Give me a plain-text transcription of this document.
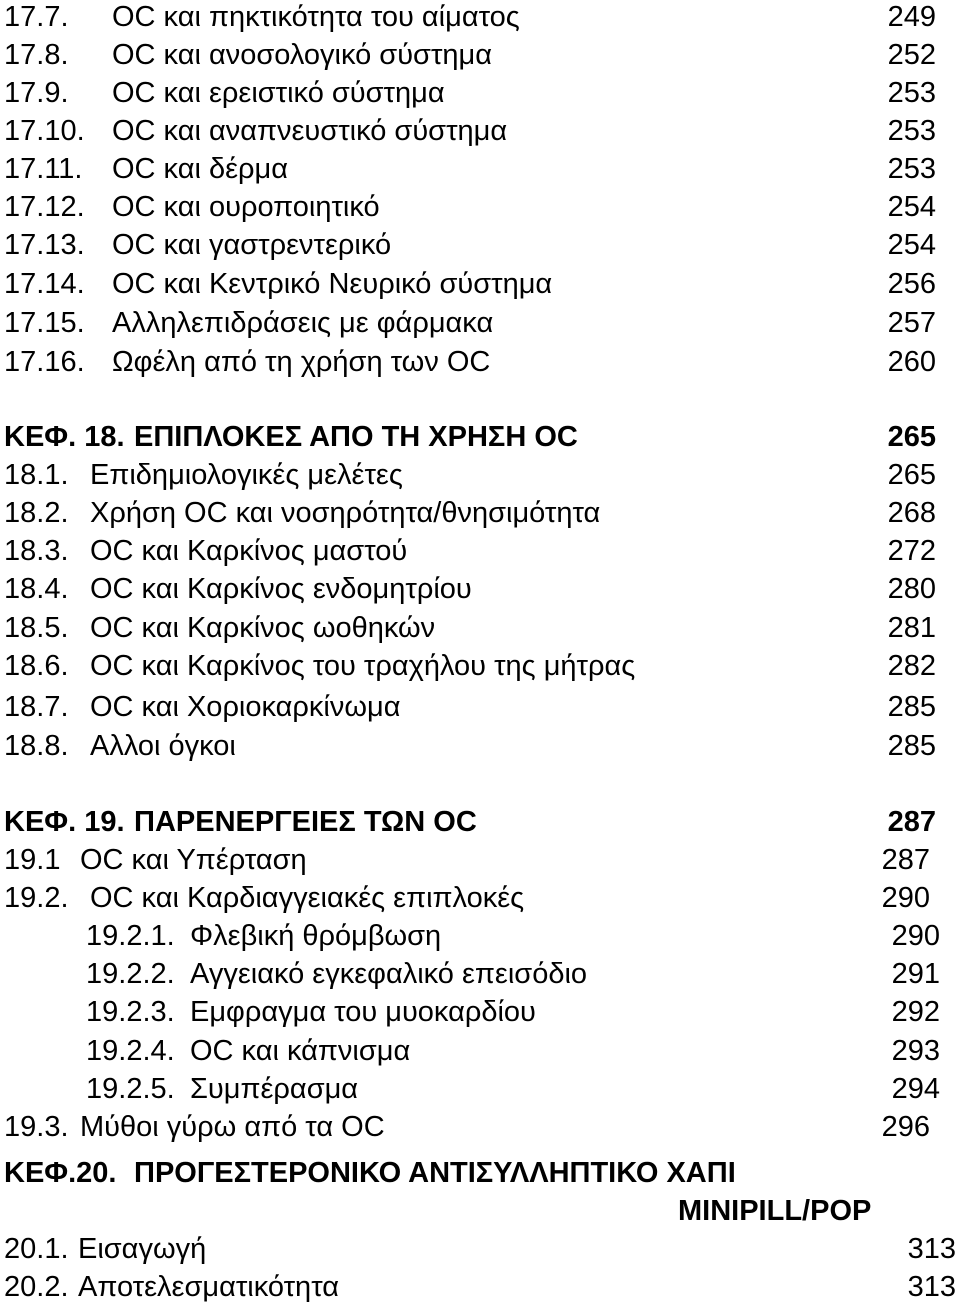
17.7. ΟC και πηκτικότητα του αίματος	249
17.8. ΟC και ανοσολογικό σύστημα	252
17.9. ΟC και ερειστικό σύστημα	253
17.10. ΟC και αναπνευστικό σύστημα	253
17.11. ΟC και δέρμα	253
17.12. ΟC και ουροποιητικό	254
17.13. ΟC και γαστρεντερικό	254
17.14. ΟC και Κεντρικό Νευρικό σύστημα	256
17.15. Αλληλεπιδράσεις με φάρμακα	257
17.16. Ωφέλη από τη χρήση των ΟC	260
ΚΕΦ. 18. ΕΠΙΠΛΟΚΕΣ ΑΠΟ ΤΗ ΧΡΗΣΗ ΟC	265
18.1. Επιδημιολογικές μελέτες	265
18.2. Χρήση ΟC και νοσηρότητα/θνησιμότητα	268
18.3. ΟC και Καρκίνος μαστού	272
18.4. ΟC και Καρκίνος ενδομητρίου	280
18.5. ΟC και Καρκίνος ωοθηκών	281
18.6. ΟC και Καρκίνος του τραχήλου της μήτρας	282
18.7. ΟC και Χοριοκαρκίνωμα	285
18.8. Αλλοι όγκοι	285
ΚΕΦ. 19. ΠΑΡΕΝΕΡΓΕΙΕΣ ΤΩΝ ΟC	287
19.1 ΟC και Υπέρταση	287
19.2. ΟC και Καρδιαγγειακές επιπλοκές	290
19.2.1. Φλεβική θρόμβωση	290
19.2.2. Αγγειακό εγκεφαλικό επεισόδιο	291
19.2.3. Εμφραγμα του μυοκαρδίου	292
19.2.4. ΟC και κάπνισμα	293
19.2.5. Συμπέρασμα	294
19.3. Μύθοι γύρω από τα ΟC	296
ΚΕΦ.20. ΠΡΟΓΕΣΤΕΡΟΝΙΚΟ ΑΝΤΙΣΥΛΛΗΠΤΙΚΟ ΧΑΠΙ
MINIPILL/POP
20.1. Εισαγωγή	313
20.2. Αποτελεσματικότητα	313
